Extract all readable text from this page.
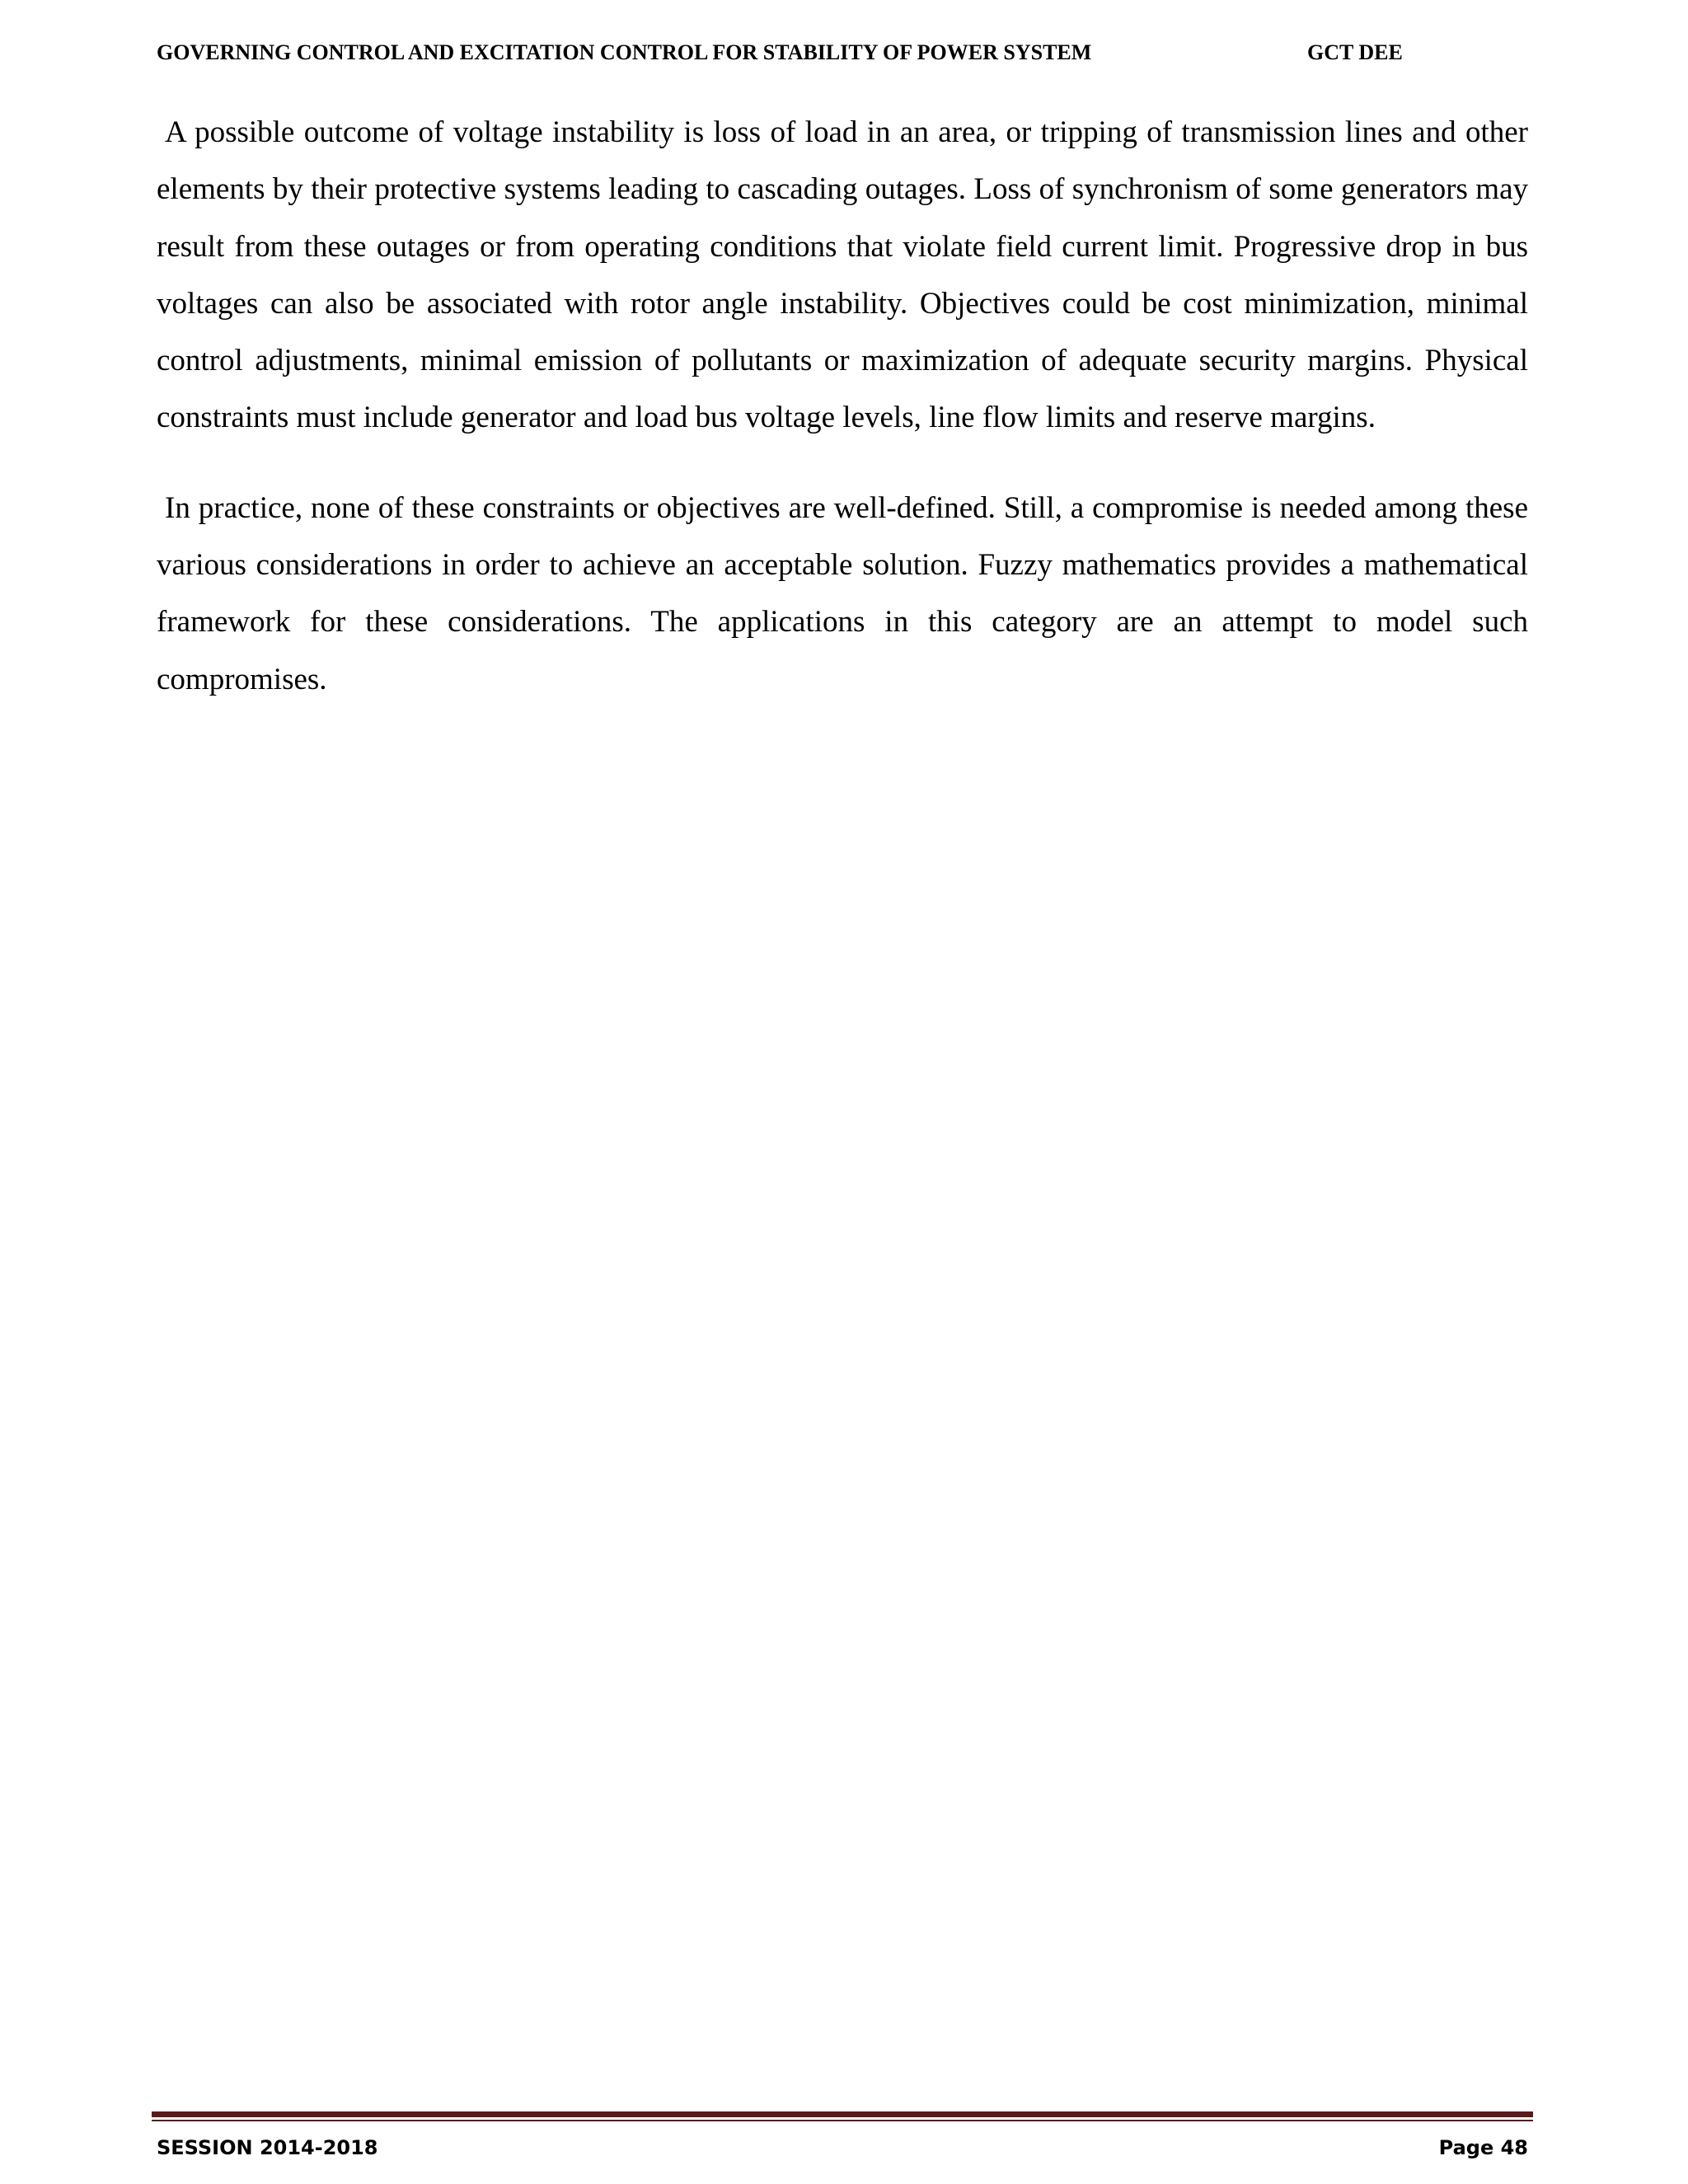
GOVERNING CONTROL AND EXCITATION CONTROL FOR STABILITY OF POWER SYSTEM	GCT DEE

A possible outcome of voltage instability is loss of load in an area, or tripping of transmission lines and other elements by their protective systems leading to cascading outages. Loss of synchronism of some generators may result from these outages or from operating conditions that violate field current limit. Progressive drop in bus voltages can also be associated with rotor angle instability. Objectives could be cost minimization, minimal control adjustments, minimal emission of pollutants or maximization of adequate security margins. Physical constraints must include generator and load bus voltage levels, line flow limits and reserve margins.

In practice, none of these constraints or objectives are well-defined. Still, a compromise is needed among these various considerations in order to achieve an acceptable solution. Fuzzy mathematics provides a mathematical framework for these considerations. The applications in this category are an attempt to model such compromises.

SESSION 2014-2018	Page 48
